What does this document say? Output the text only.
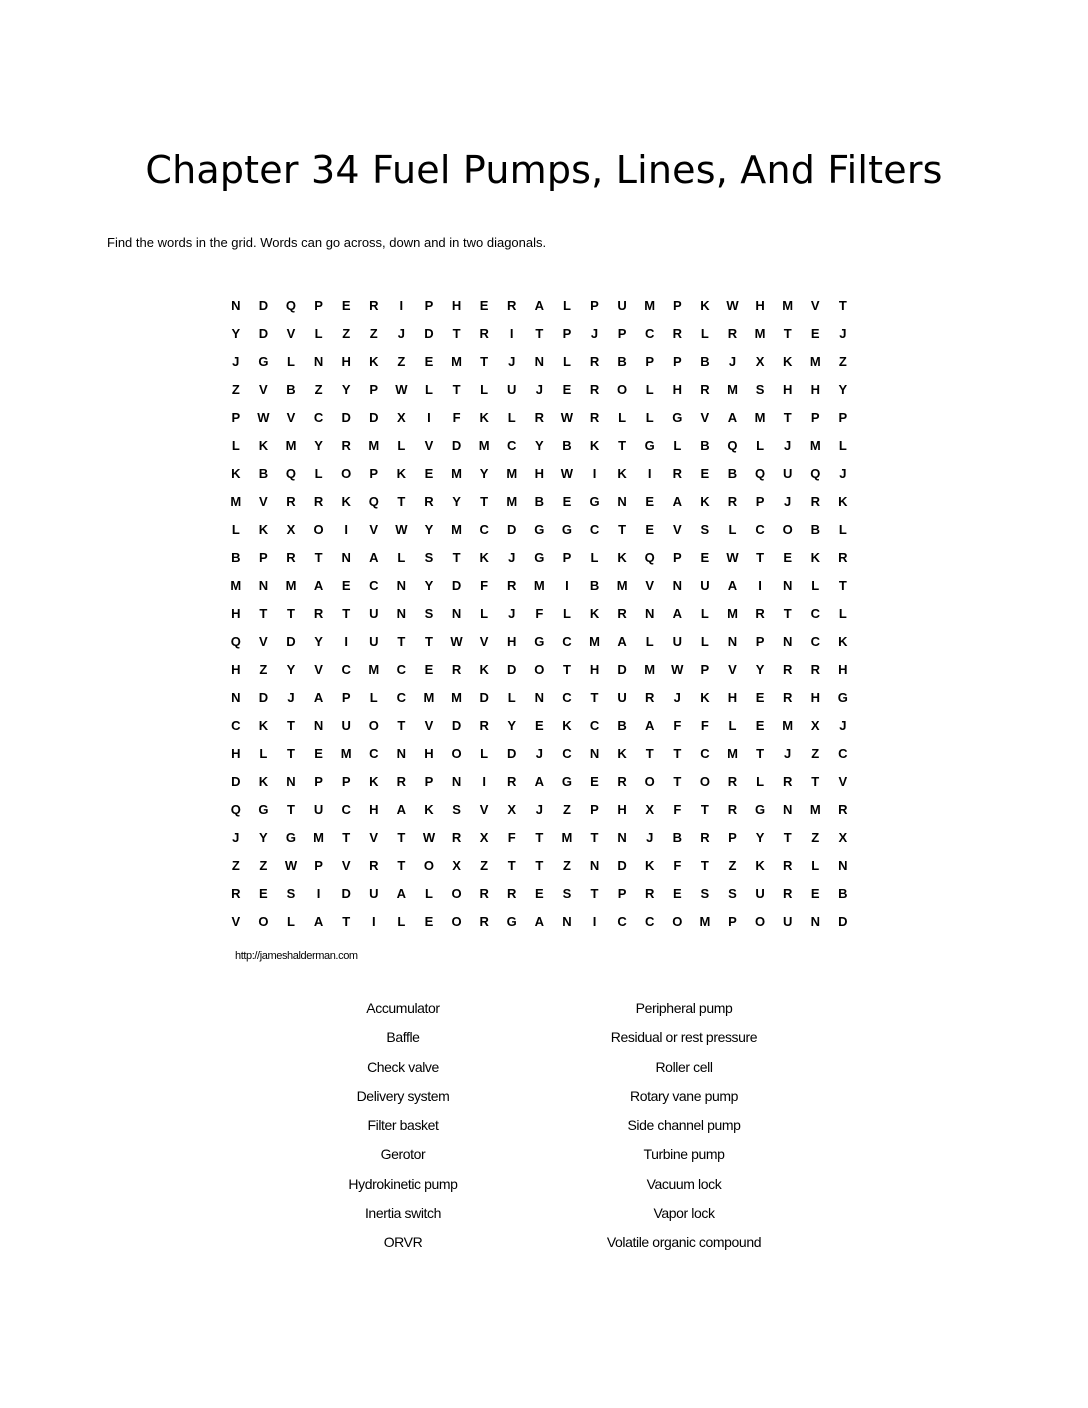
Chapter 34 Fuel Pumps, Lines, And Filters

Find the words in the grid. Words can go across, down and in two diagonals.

N	D	Q	P	E	R	I	P	H	E	R	A	L	P	U	M	P	K	W	H	M	V	T
Y	D	V	L	Z	Z	J	D	T	R	I	T	P	J	P	C	R	L	R	M	T	E	J
J	G	L	N	H	K	Z	E	M	T	J	N	L	R	B	P	P	B	J	X	K	M	Z
Z	V	B	Z	Y	P	W	L	T	L	U	J	E	R	O	L	H	R	M	S	H	H	Y
P	W	V	C	D	D	X	I	F	K	L	R	W	R	L	L	G	V	A	M	T	P	P
L	K	M	Y	R	M	L	V	D	M	C	Y	B	K	T	G	L	B	Q	L	J	M	L
K	B	Q	L	O	P	K	E	M	Y	M	H	W	I	K	I	R	E	B	Q	U	Q	J
M	V	R	R	K	Q	T	R	Y	T	M	B	E	G	N	E	A	K	R	P	J	R	K
L	K	X	O	I	V	W	Y	M	C	D	G	G	C	T	E	V	S	L	C	O	B	L
B	P	R	T	N	A	L	S	T	K	J	G	P	L	K	Q	P	E	W	T	E	K	R
M	N	M	A	E	C	N	Y	D	F	R	M	I	B	M	V	N	U	A	I	N	L	T
H	T	T	R	T	U	N	S	N	L	J	F	L	K	R	N	A	L	M	R	T	C	L
Q	V	D	Y	I	U	T	T	W	V	H	G	C	M	A	L	U	L	N	P	N	C	K
H	Z	Y	V	C	M	C	E	R	K	D	O	T	H	D	M	W	P	V	Y	R	R	H
N	D	J	A	P	L	C	M	M	D	L	N	C	T	U	R	J	K	H	E	R	H	G
C	K	T	N	U	O	T	V	D	R	Y	E	K	C	B	A	F	F	L	E	M	X	J
H	L	T	E	M	C	N	H	O	L	D	J	C	N	K	T	T	C	M	T	J	Z	C
D	K	N	P	P	K	R	P	N	I	R	A	G	E	R	O	T	O	R	L	R	T	V
Q	G	T	U	C	H	A	K	S	V	X	J	Z	P	H	X	F	T	R	G	N	M	R
J	Y	G	M	T	V	T	W	R	X	F	T	M	T	N	J	B	R	P	Y	T	Z	X
Z	Z	W	P	V	R	T	O	X	Z	T	T	Z	N	D	K	F	T	Z	K	R	L	N
R	E	S	I	D	U	A	L	O	R	R	E	S	T	P	R	E	S	S	U	R	E	B
V	O	L	A	T	I	L	E	O	R	G	A	N	I	C	C	O	M	P	O	U	N	D

http://jameshalderman.com

Accumulator
Baffle
Check valve
Delivery system
Filter basket
Gerotor
Hydrokinetic pump
Inertia switch
ORVR
Peripheral pump
Residual or rest pressure
Roller cell
Rotary vane pump
Side channel pump
Turbine pump
Vacuum lock
Vapor lock
Volatile organic compound
